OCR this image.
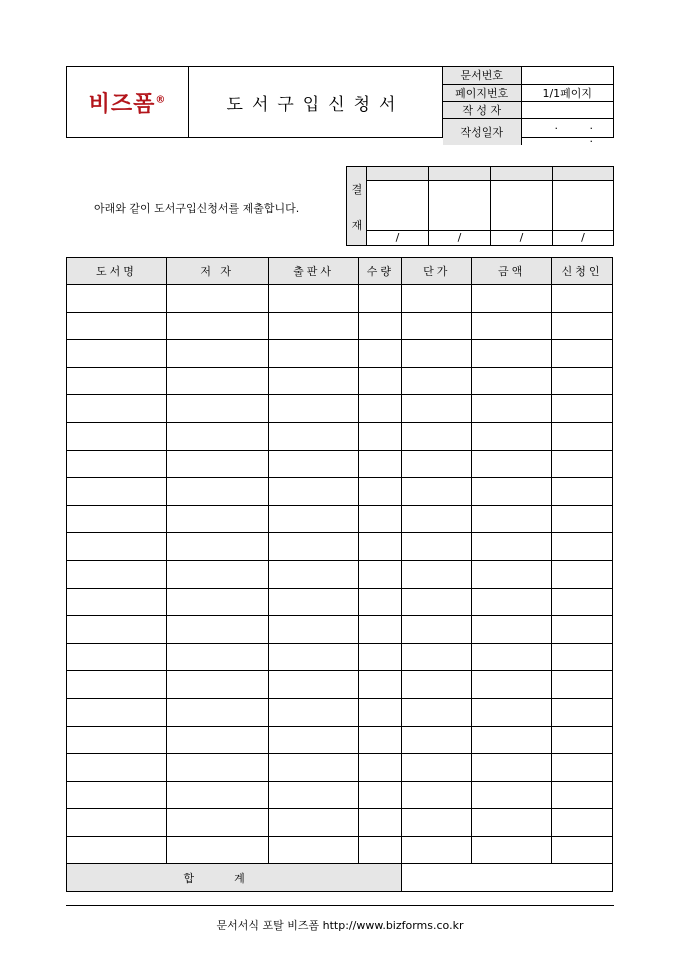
비즈폼®	도서구입신청서
문서번호	
페이지번호	1/1페이지
작 성 자	
작성일자	. . .
아래와 같이 도서구입신청서를 제출합니다.
결
재
/	/	/	/
도서명	저 자	출판사	수량	단가	금액	신청인

합계						
문서서식 포탈 비즈폼 http://www.bizforms.co.kr
